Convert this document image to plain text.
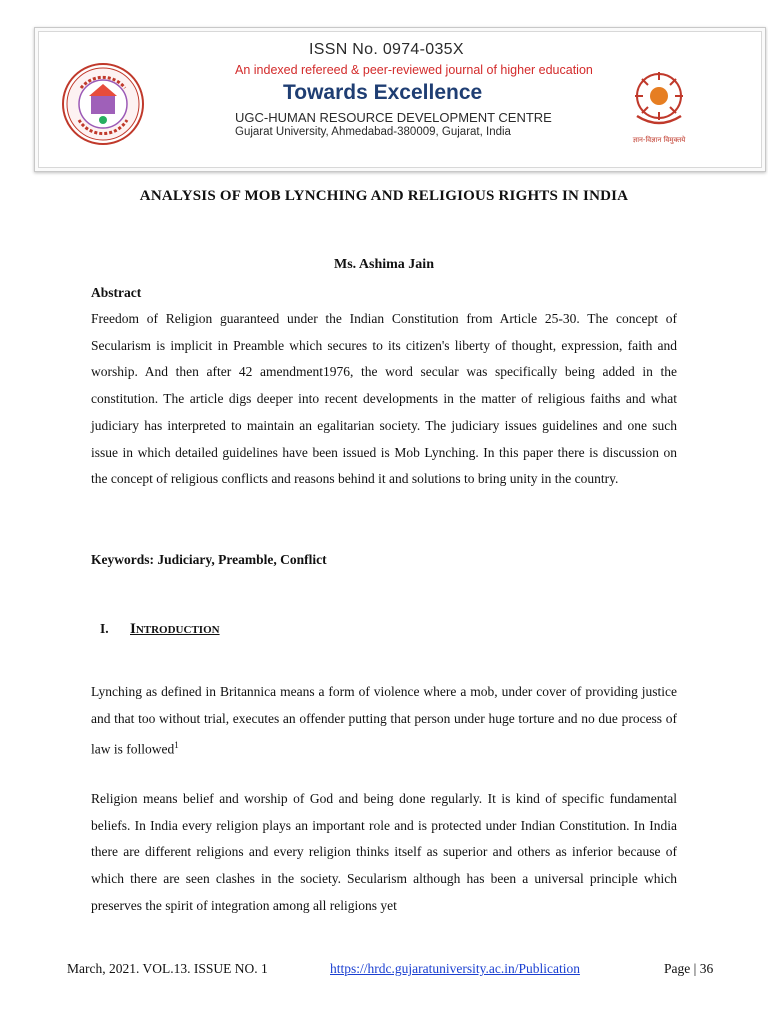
ISSN No. 0974-035X
An indexed refereed & peer-reviewed journal of higher education
Towards Excellence
UGC-HUMAN RESOURCE DEVELOPMENT CENTRE
Gujarat University, Ahmedabad-380009, Gujarat, India
ज्ञान-विज्ञान विमुक्तये
ANALYSIS OF MOB LYNCHING AND RELIGIOUS RIGHTS IN INDIA
Ms. Ashima Jain
Abstract
Freedom of Religion guaranteed under the Indian Constitution from Article 25-30. The concept of Secularism is implicit in Preamble which secures to its citizen's liberty of thought, expression, faith and worship. And then after 42 amendment1976, the word secular was specifically being added in the constitution. The article digs deeper into recent developments in the matter of religious faiths and what judiciary has interpreted to maintain an egalitarian society. The judiciary issues guidelines and one such issue in which detailed guidelines have been issued is Mob Lynching. In this paper there is discussion on the concept of religious conflicts and reasons behind it and solutions to bring unity in the country.
Keywords: Judiciary, Preamble, Conflict
I. Introduction
Lynching as defined in Britannica means a form of violence where a mob, under cover of providing justice and that too without trial, executes an offender putting that person under huge torture and no due process of law is followed$^1$
Religion means belief and worship of God and being done regularly. It is kind of specific fundamental beliefs. In India every religion plays an important role and is protected under Indian Constitution. In India there are different religions and every religion thinks itself as superior and others as inferior because of which there are seen clashes in the society. Secularism although has been a universal principle which preserves the spirit of integration among all religions yet
March, 2021. VOL.13. ISSUE NO. 1	https://hrdc.gujaratuniversity.ac.in/Publication	Page | 36
